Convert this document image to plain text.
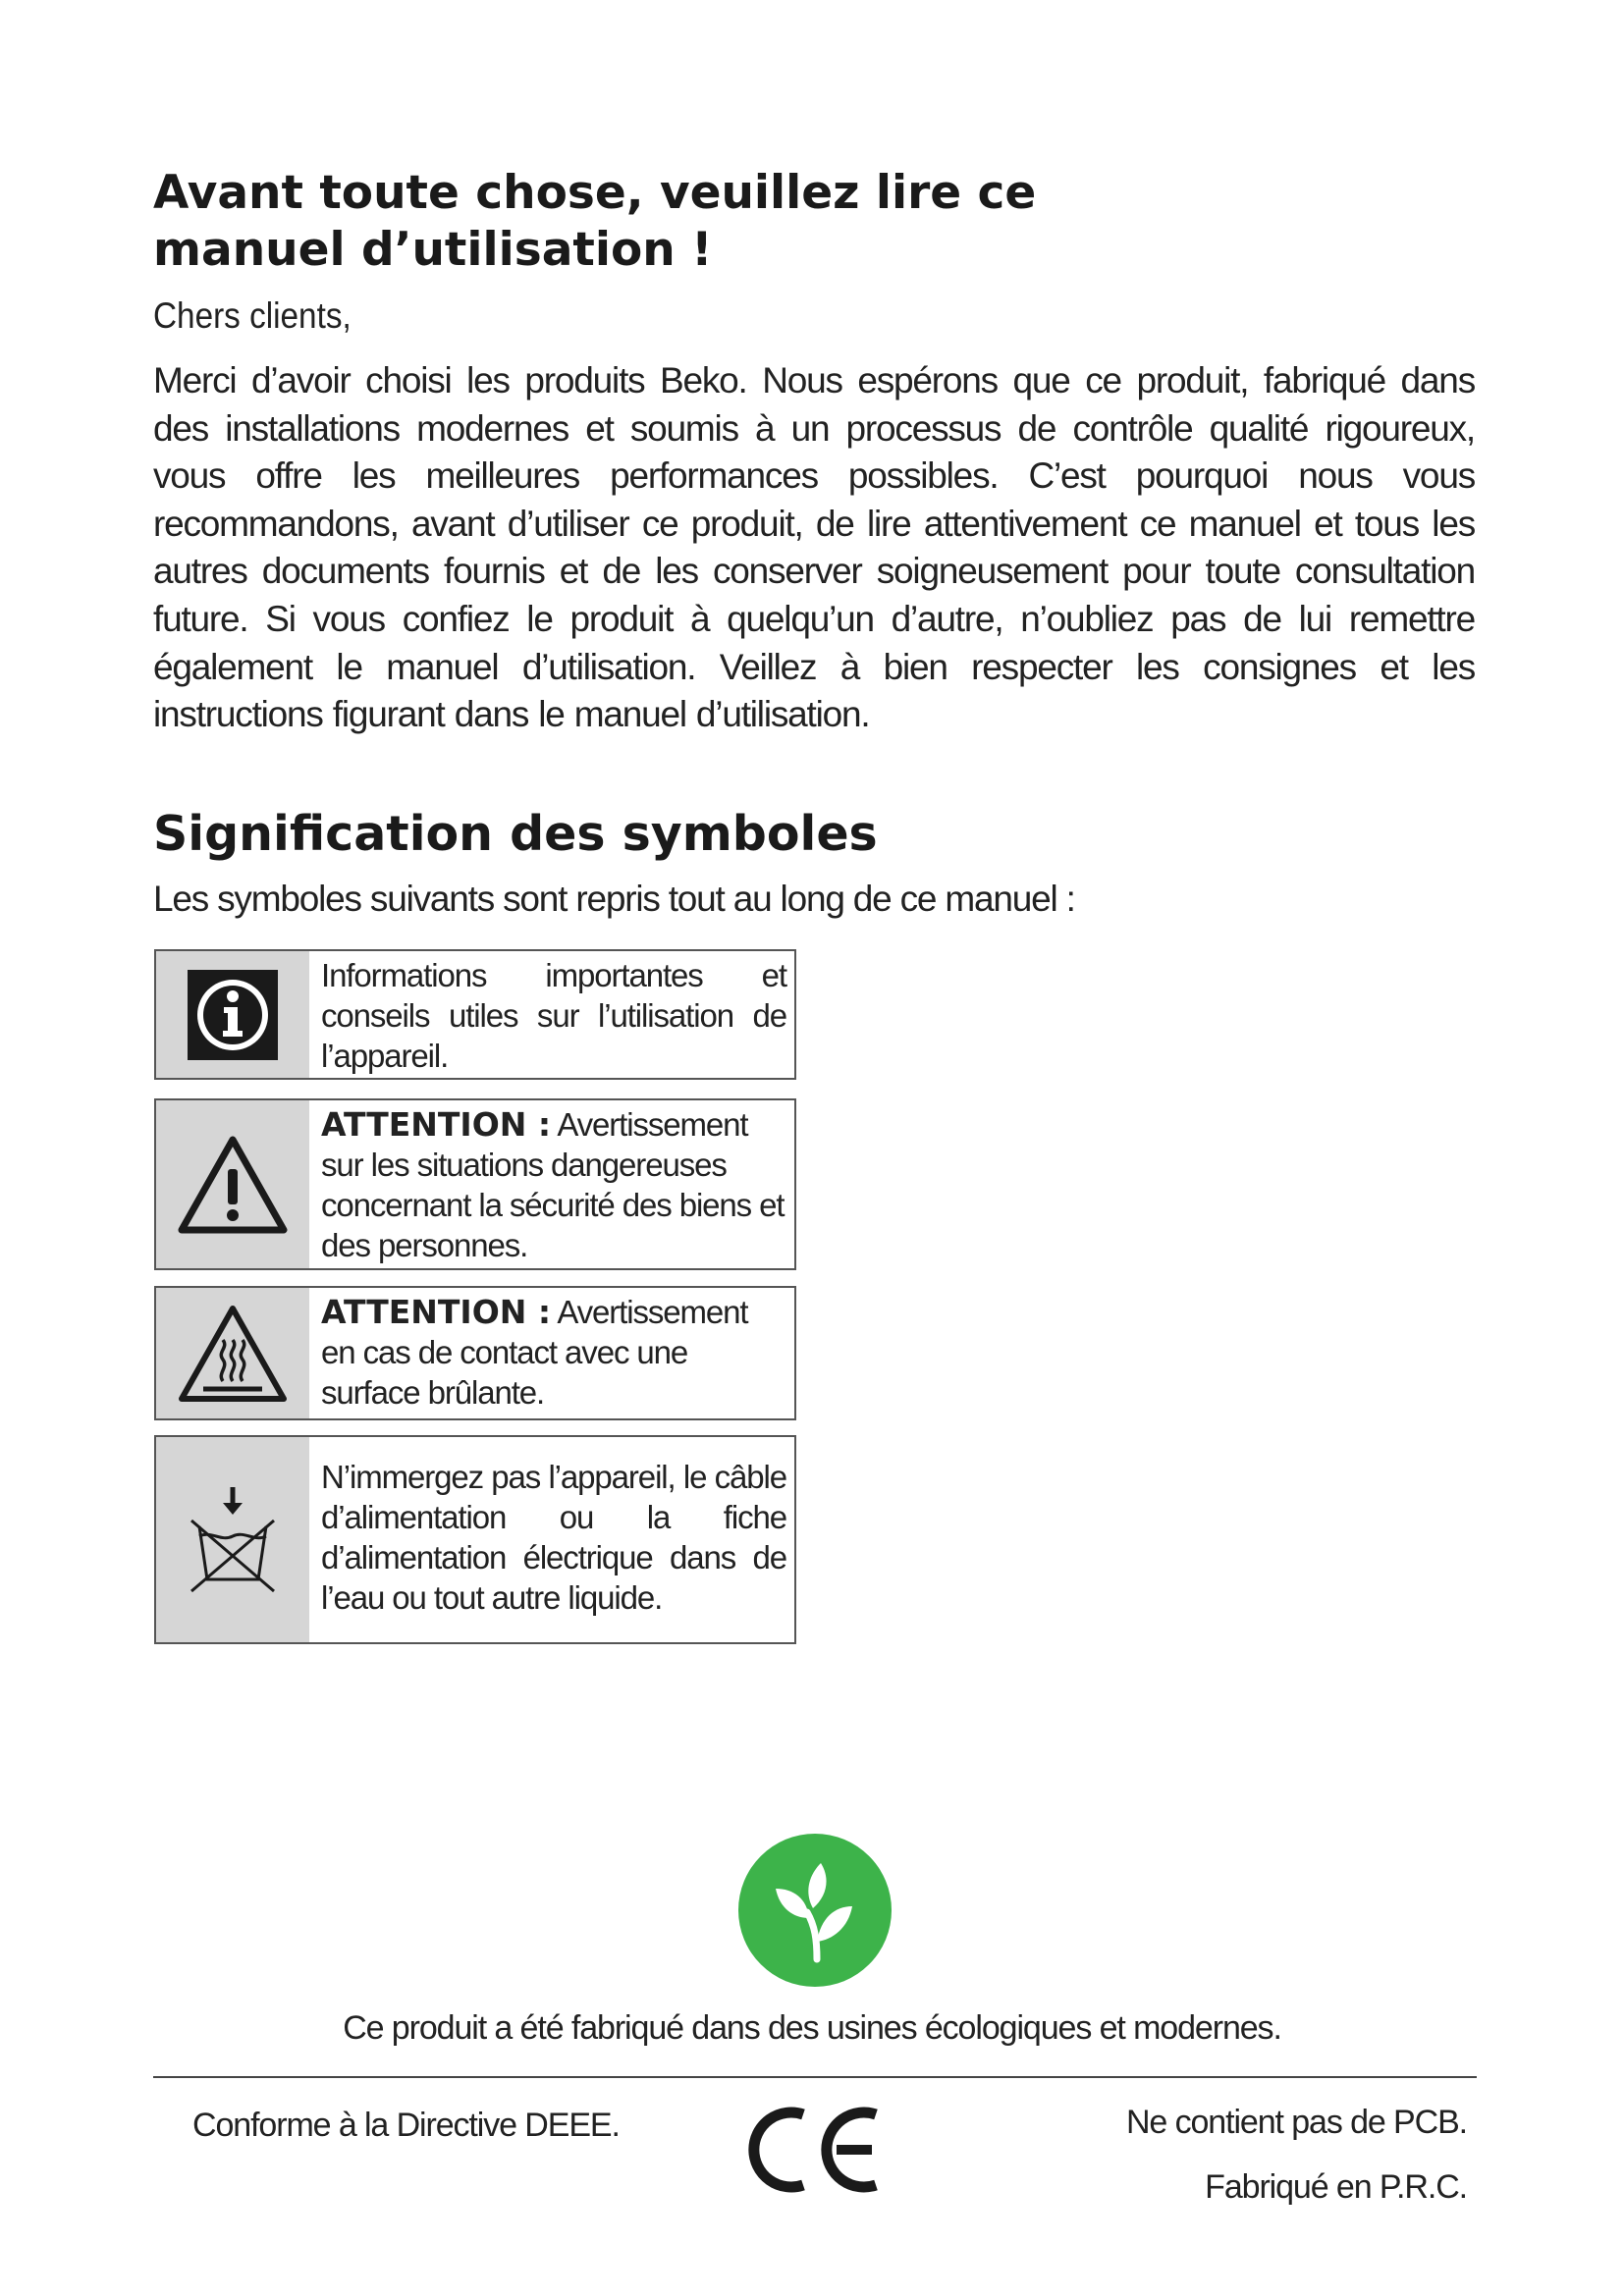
Avant toute chose, veuillez lire ce manuel d’utilisation !

Chers clients,

Merci d’avoir choisi les produits Beko. Nous espérons que ce produit, fabriqué dans des installations modernes et soumis à un processus de contrôle qualité rigoureux, vous offre les meilleures performances possibles. C’est pourquoi nous vous recommandons, avant d’utiliser ce produit, de lire attentivement ce manuel et tous les autres documents fournis et de les conserver soigneusement pour toute consultation future. Si vous confiez le produit à quelqu’un d’autre, n’oubliez pas de lui remettre également le manuel d’utilisation. Veillez à bien respecter les consignes et les instructions figurant dans le manuel d’utilisation.

Signification des symboles

Les symboles suivants sont repris tout au long de ce manuel :

Informations importantes et conseils utiles sur l’utilisation de l’appareil.
ATTENTION : Avertissement sur les situations dangereuses concernant la sécurité des biens et des personnes.
ATTENTION : Avertissement en cas de contact avec une surface brûlante.
N’immergez pas l’appareil, le câble d’alimentation ou la fiche d’alimentation électrique dans de l’eau ou tout autre liquide.
Ce produit a été fabriqué dans des usines écologiques et modernes.
Conforme à la Directive DEEE.	Ne contient pas de PCB.
Fabriqué en P.R.C.
